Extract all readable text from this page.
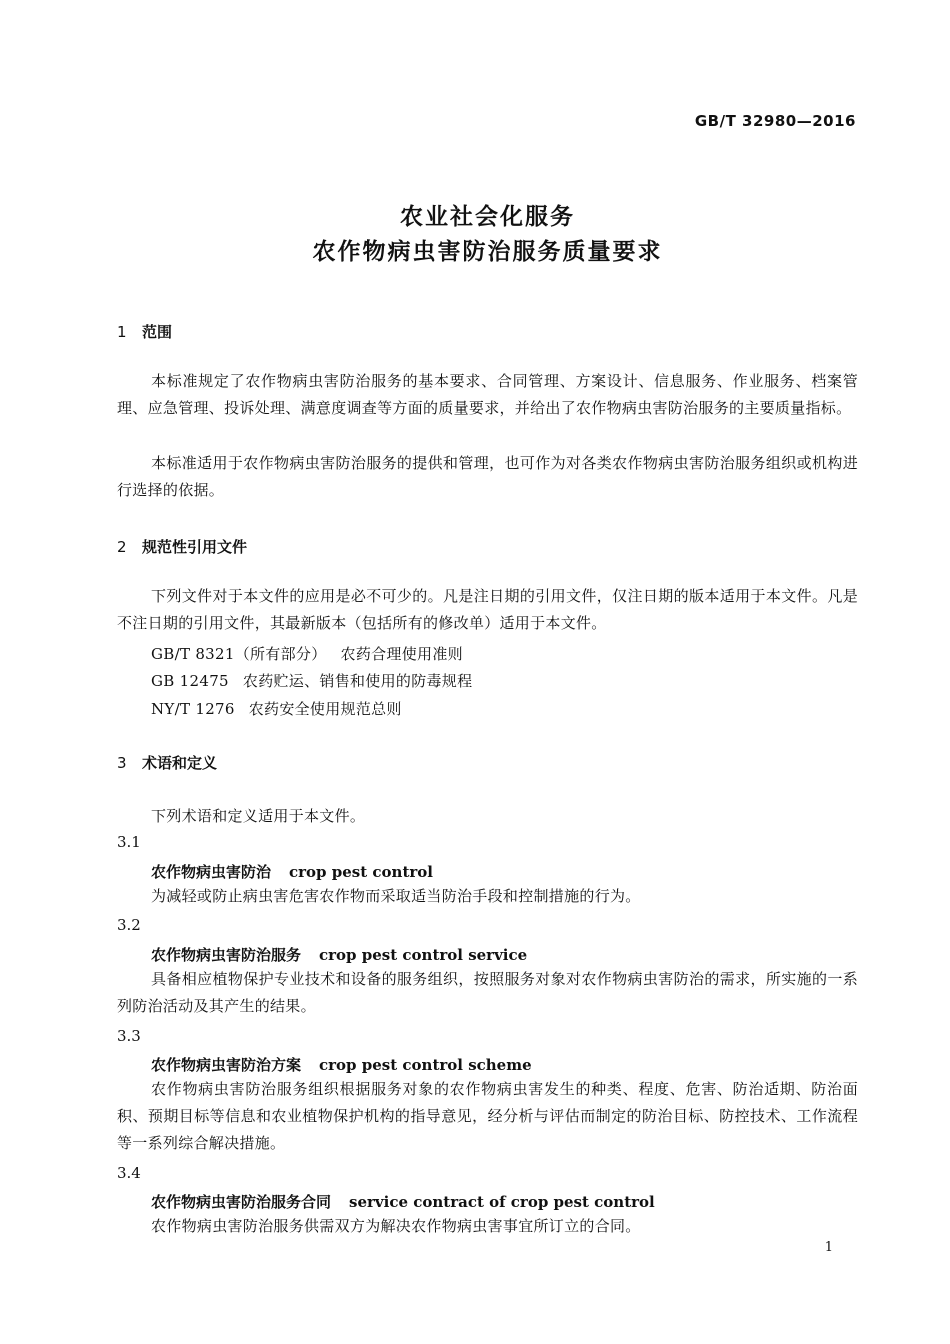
GB/T 32980—2016
农业社会化服务
农作物病虫害防治服务质量要求
1 范围
本标准规定了农作物病虫害防治服务的基本要求、合同管理、方案设计、信息服务、作业服务、档案管理、应急管理、投诉处理、满意度调查等方面的质量要求，并给出了农作物病虫害防治服务的主要质量指标。
本标准适用于农作物病虫害防治服务的提供和管理，也可作为对各类农作物病虫害防治服务组织或机构进行选择的依据。
2 规范性引用文件
下列文件对于本文件的应用是必不可少的。凡是注日期的引用文件，仅注日期的版本适用于本文件。凡是不注日期的引用文件，其最新版本（包括所有的修改单）适用于本文件。
GB/T 8321（所有部分） 农药合理使用准则
GB 12475 农药贮运、销售和使用的防毒规程
NY/T 1276 农药安全使用规范总则
3 术语和定义
下列术语和定义适用于本文件。
3.1
农作物病虫害防治 crop pest control
为减轻或防止病虫害危害农作物而采取适当防治手段和控制措施的行为。
3.2
农作物病虫害防治服务 crop pest control service
具备相应植物保护专业技术和设备的服务组织，按照服务对象对农作物病虫害防治的需求，所实施的一系列防治活动及其产生的结果。
3.3
农作物病虫害防治方案 crop pest control scheme
农作物病虫害防治服务组织根据服务对象的农作物病虫害发生的种类、程度、危害、防治适期、防治面积、预期目标等信息和农业植物保护机构的指导意见，经分析与评估而制定的防治目标、防控技术、工作流程等一系列综合解决措施。
3.4
农作物病虫害防治服务合同 service contract of crop pest control
农作物病虫害防治服务供需双方为解决农作物病虫害事宜所订立的合同。
1
